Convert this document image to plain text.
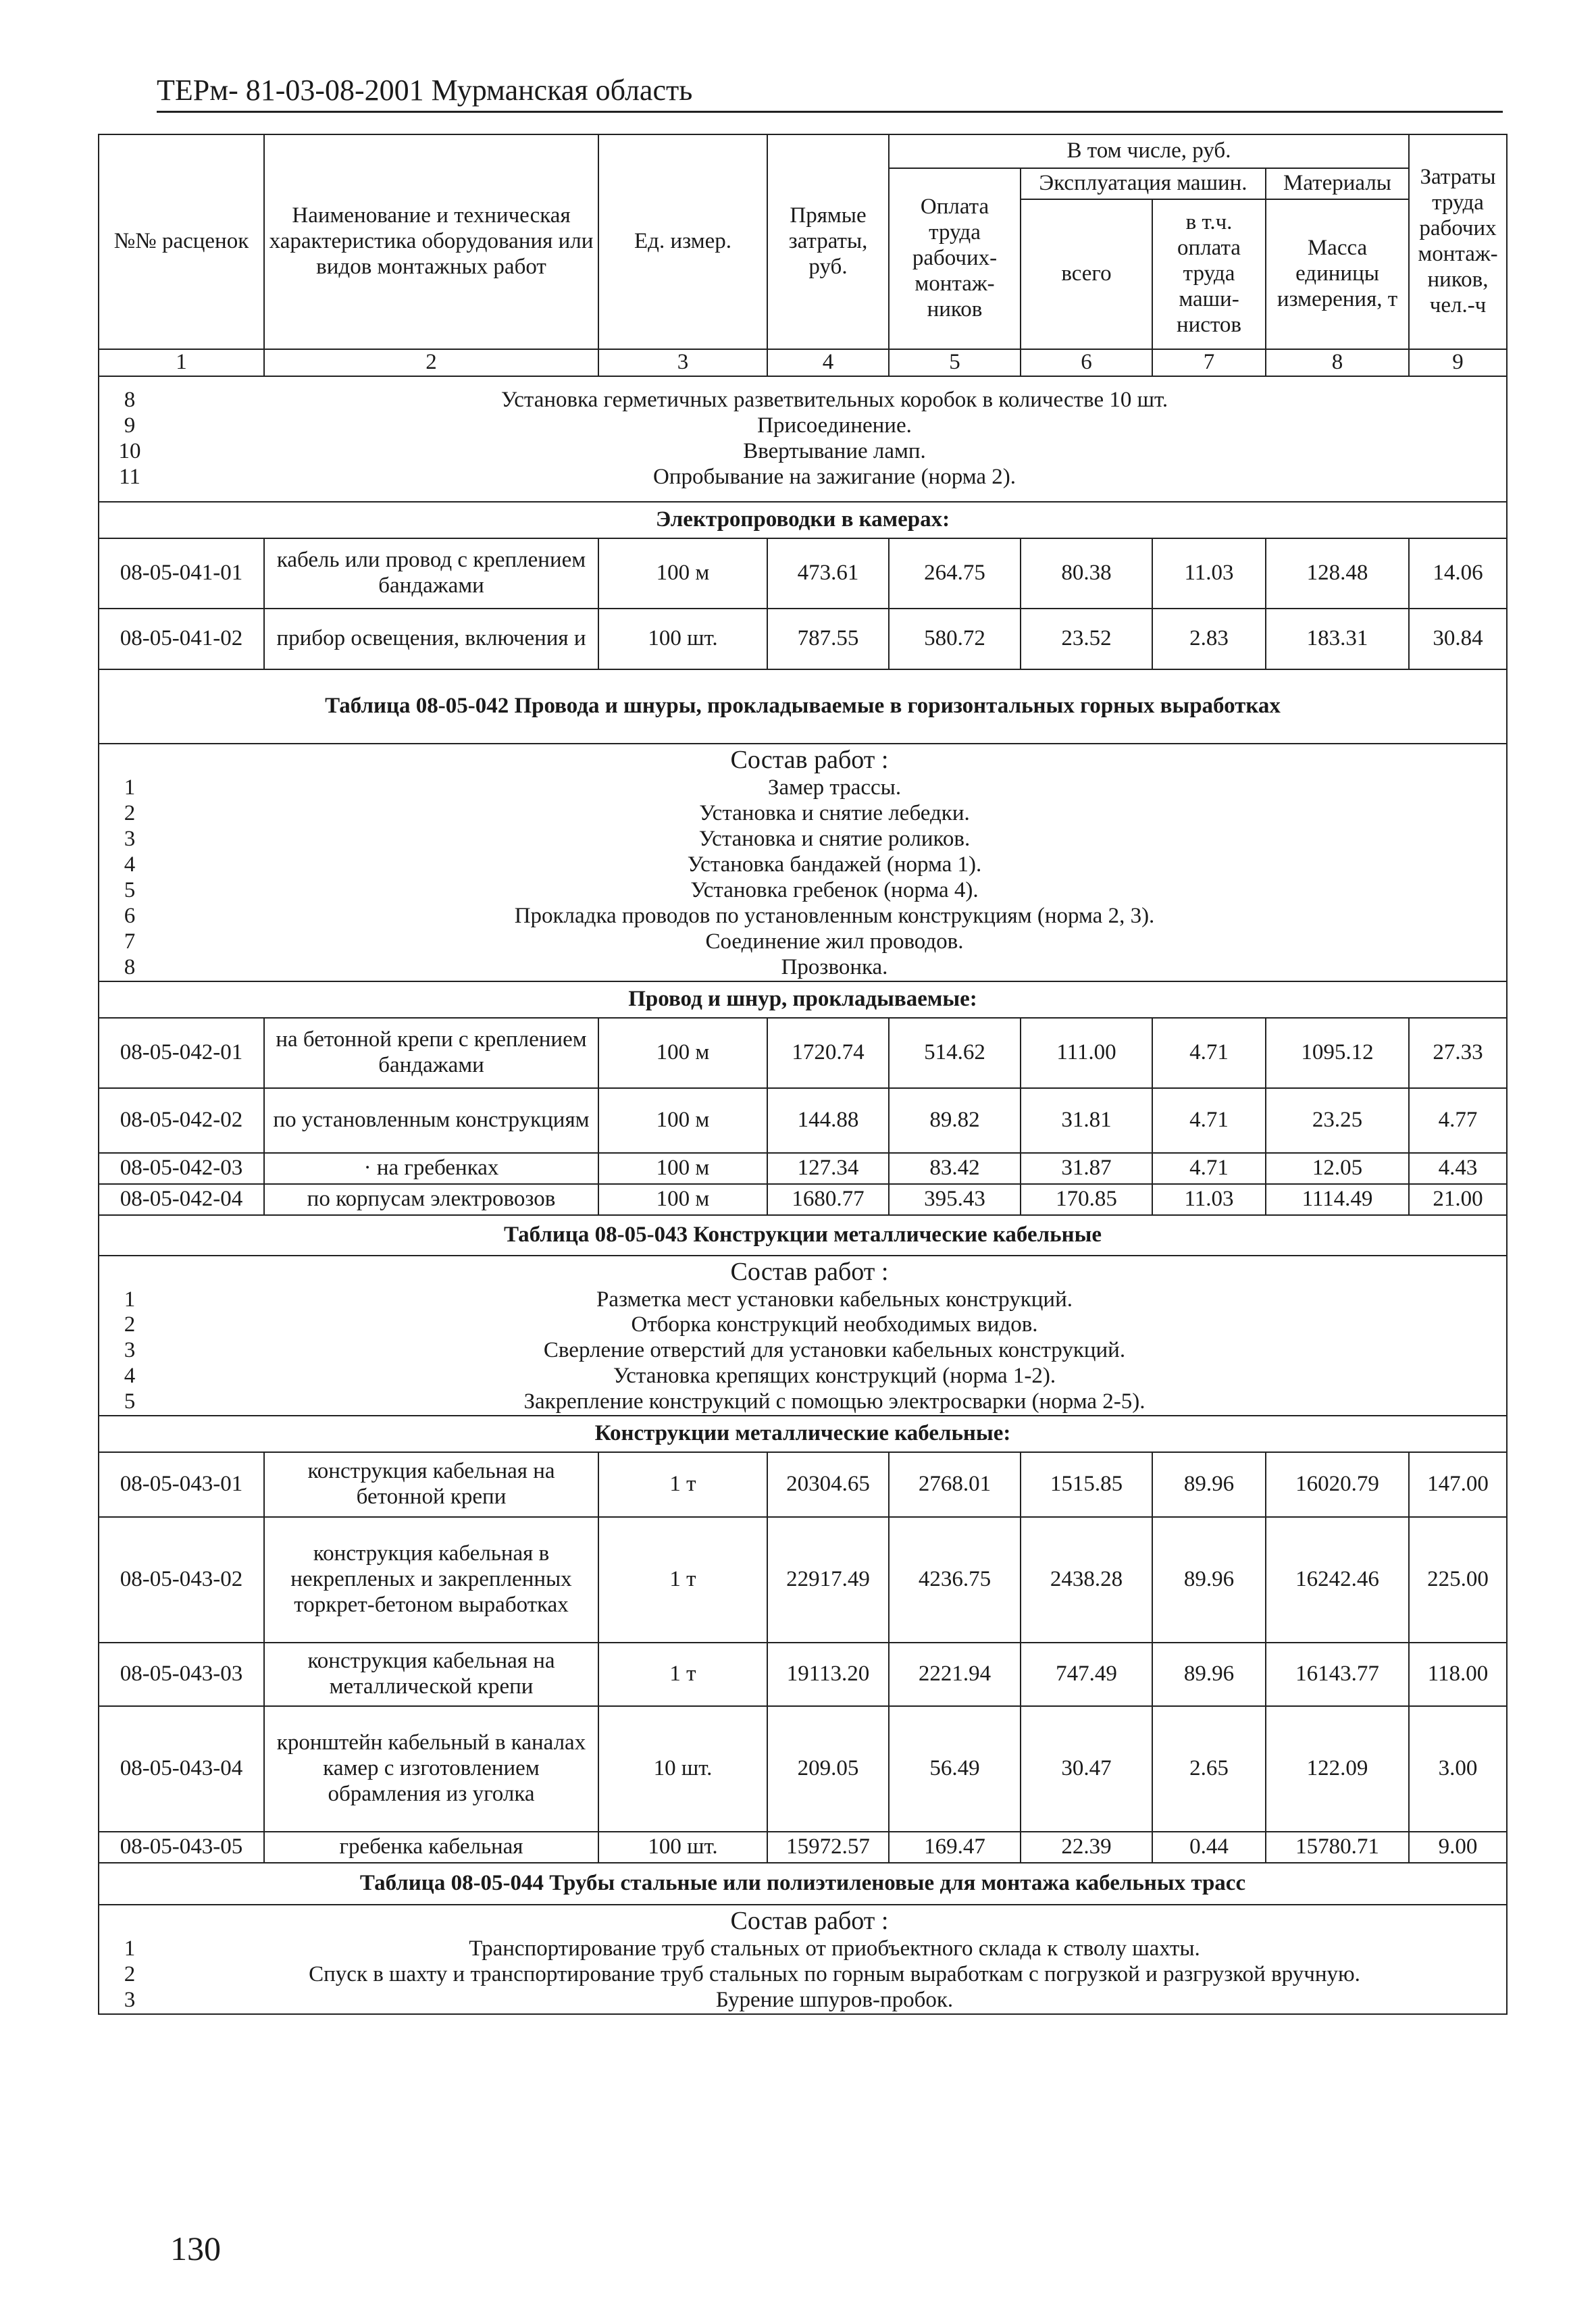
ТЕРм- 81-03-08-2001 Мурманская область
№№ расценок	Наименование и техническая характеристика оборудования или видов монтажных работ	Ед. измер.	Прямые затраты, руб.	В том числе, руб.	Затраты труда рабочих монтаж-ников, чел.-ч
Оплата труда рабочих-монтаж-ников	Эксплуатация машин.	Материалы
всего	в т.ч. оплата труда маши-нистов	Масса единицы измерения, т
1	2	3	4	5	6	7	8	9

8	Установка герметичных разветвительных коробок в количестве 10 шт.
9	Присоединение.
10	Ввертывание ламп.
11	Опробывание на зажигание (норма 2).

Электропроводки в камерах:
08-05-041-01	кабель или провод с креплением бандажами	100 м	473.61	264.75	80.38	11.03	128.48	14.06
08-05-041-02	прибор освещения, включения и	100 шт.	787.55	580.72	23.52	2.83	183.31	30.84
Таблица 08-05-042 Провода и шнуры, прокладываемые в горизонтальных горных выработках

Состав работ :
1	Замер трассы.
2	Установка и снятие лебедки.
3	Установка и снятие роликов.
4	Установка бандажей (норма 1).
5	Установка гребенок (норма 4).
6	Прокладка проводов по установленным конструкциям (норма 2, 3).
7	Соединение жил проводов.
8	Прозвонка.

Провод и шнур, прокладываемые:
08-05-042-01	на бетонной крепи с креплением бандажами	100 м	1720.74	514.62	111.00	4.71	1095.12	27.33
08-05-042-02	по установленным конструкциям	100 м	144.88	89.82	31.81	4.71	23.25	4.77
08-05-042-03	· на гребенках	100 м	127.34	83.42	31.87	4.71	12.05	4.43
08-05-042-04	по корпусам электровозов	100 м	1680.77	395.43	170.85	11.03	1114.49	21.00
Таблица 08-05-043 Конструкции металлические кабельные

Состав работ :
1	Разметка мест установки кабельных конструкций.
2	Отборка конструкций необходимых видов.
3	Сверление отверстий для установки кабельных конструкций.
4	Установка крепящих конструкций (норма 1-2).
5	Закрепление конструкций с помощью электросварки (норма 2-5).

Конструкции металлические кабельные:
08-05-043-01	конструкция кабельная на бетонной крепи	1 т	20304.65	2768.01	1515.85	89.96	16020.79	147.00
08-05-043-02	конструкция кабельная в некрепленых и закрепленных торкрет-бетоном выработках	1 т	22917.49	4236.75	2438.28	89.96	16242.46	225.00
08-05-043-03	конструкция кабельная на металлической крепи	1 т	19113.20	2221.94	747.49	89.96	16143.77	118.00
08-05-043-04	кронштейн кабельный в каналах камер с изготовлением обрамления из уголка	10 шт.	209.05	56.49	30.47	2.65	122.09	3.00
08-05-043-05	гребенка кабельная	100 шт.	15972.57	169.47	22.39	0.44	15780.71	9.00
Таблица 08-05-044 Трубы стальные или полиэтиленовые для монтажа кабельных трасс

Состав работ :
1	Транспортирование труб стальных от приобъектного склада к стволу шахты.
2	Спуск в шахту и транспортирование труб стальных по горным выработкам с погрузкой и разгрузкой вручную.
3	Бурение шпуров-пробок.
130
